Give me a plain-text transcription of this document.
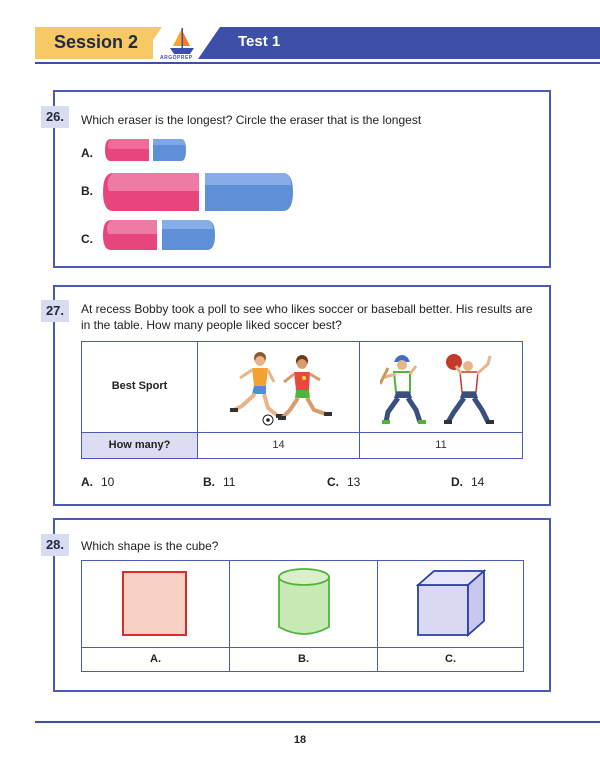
Session 2
ARGOPREP
Test 1
26.	Which eraser is the longest? Circle the eraser that is the longest
A.
B.
C.
27.	At recess Bobby took a poll to see who likes soccer or baseball better. His results are in the table. How many people liked soccer best?
Best Sport
How many?	14	11
A. 10	B. 11	C. 13	D. 14
28.	Which shape is the cube?
A.	B.	C.
18
